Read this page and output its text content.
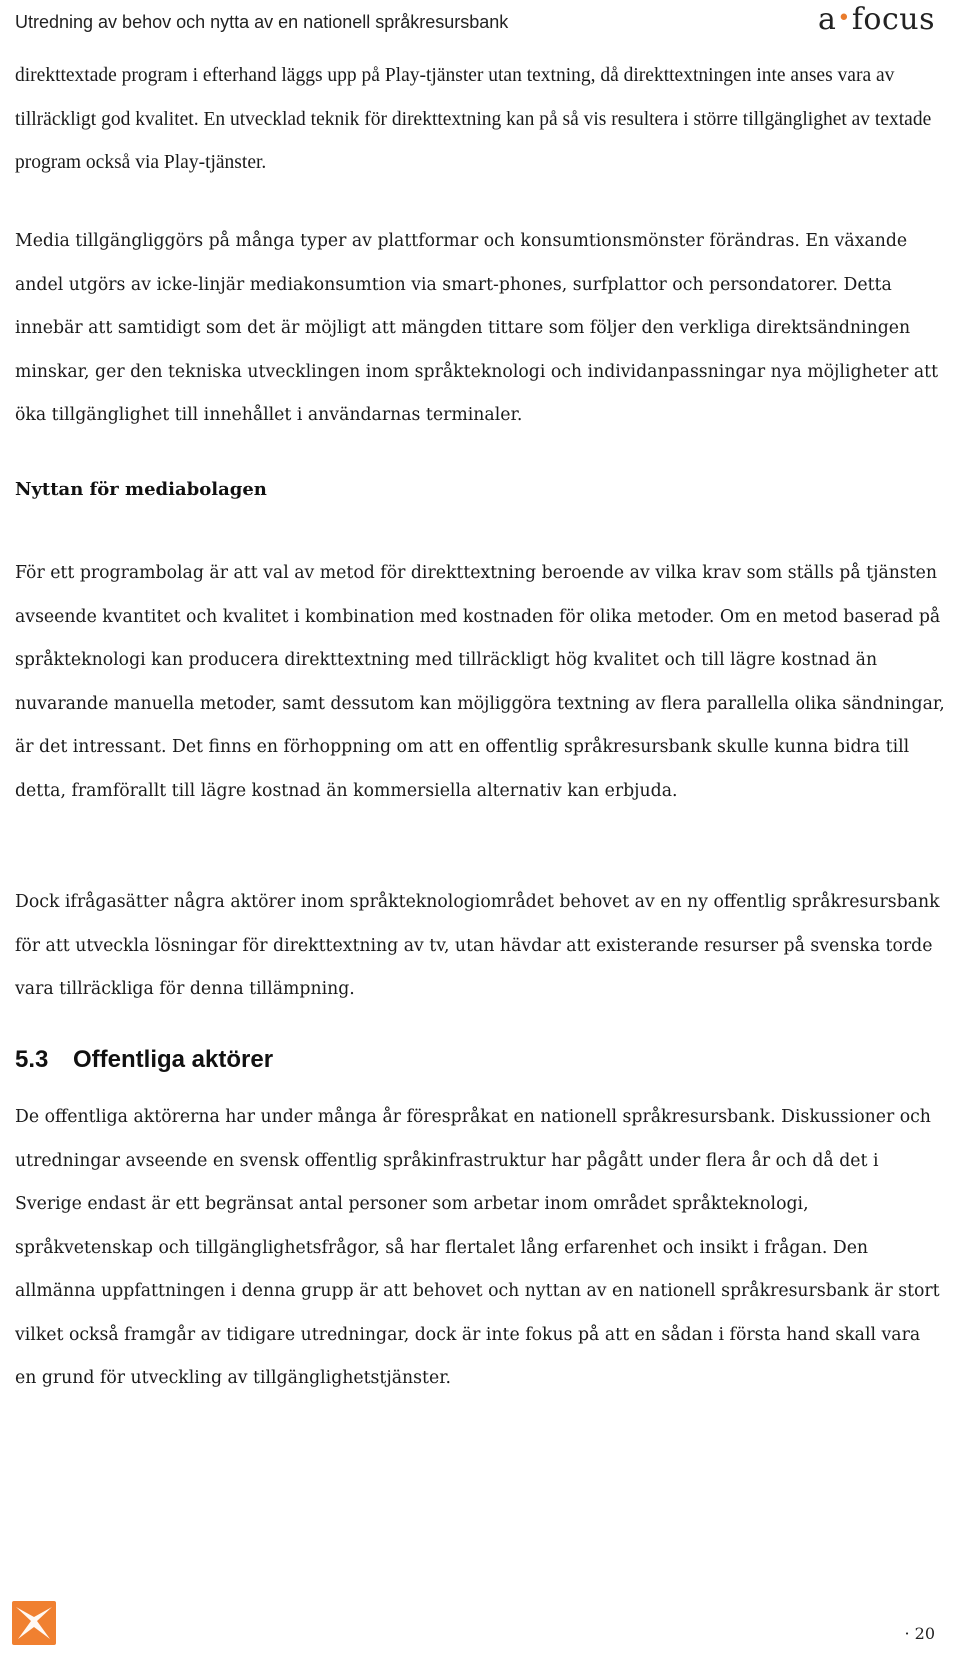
Utredning av behov och nytta av en nationell språkresursbank	a•focus

direkttextade program i efterhand läggs upp på Play-tjänster utan textning, då direkttextningen inte anses vara av tillräckligt god kvalitet. En utvecklad teknik för direkttextning kan på så vis resultera i större tillgänglighet av textade program också via Play-tjänster.

Media tillgängliggörs på många typer av plattformar och konsumtionsmönster förändras. En växande andel utgörs av icke-linjär mediakonsumtion via smart-phones, surfplattor och persondatorer. Detta innebär att samtidigt som det är möjligt att mängden tittare som följer den verkliga direktsändningen minskar, ger den tekniska utvecklingen inom språkteknologi och individanpassningar nya möjligheter att öka tillgänglighet till innehållet i användarnas terminaler.

Nyttan för mediabolagen

För ett programbolag är att val av metod för direkttextning beroende av vilka krav som ställs på tjänsten avseende kvantitet och kvalitet i kombination med kostnaden för olika metoder. Om en metod baserad på språkteknologi kan producera direkttextning med tillräckligt hög kvalitet och till lägre kostnad än nuvarande manuella metoder, samt dessutom kan möjliggöra textning av flera parallella olika sändningar, är det intressant. Det finns en förhoppning om att en offentlig språkresursbank skulle kunna bidra till detta, framförallt till lägre kostnad än kommersiella alternativ kan erbjuda.

Dock ifrågasätter några aktörer inom språkteknologiområdet behovet av en ny offentlig språkresursbank för att utveckla lösningar för direkttextning av tv, utan hävdar att existerande resurser på svenska torde vara tillräckliga för denna tillämpning.

5.3 Offentliga aktörer

De offentliga aktörerna har under många år förespråkat en nationell språkresursbank. Diskussioner och utredningar avseende en svensk offentlig språkinfrastruktur har pågått under flera år och då det i Sverige endast är ett begränsat antal personer som arbetar inom området språkteknologi, språkvetenskap och tillgänglighetsfrågor, så har flertalet lång erfarenhet och insikt i frågan. Den allmänna uppfattningen i denna grupp är att behovet och nyttan av en nationell språkresursbank är stort vilket också framgår av tidigare utredningar, dock är inte fokus på att en sådan i första hand skall vara en grund för utveckling av tillgänglighetstjänster.

· 20
